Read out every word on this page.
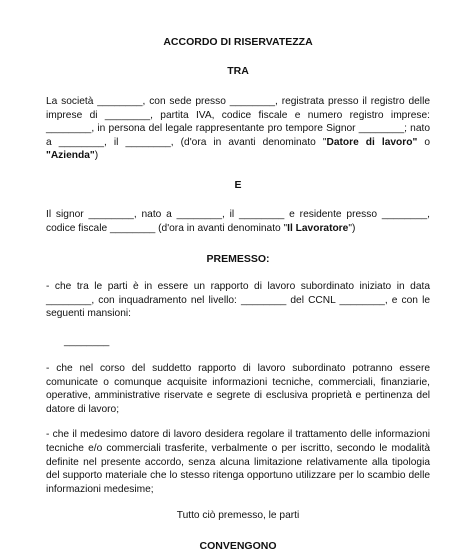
ACCORDO DI RISERVATEZZA

TRA

La società ________, con sede presso ________, registrata presso il registro delle imprese di ________, partita IVA, codice fiscale e numero registro imprese: ________, in persona del legale rappresentante pro tempore Signor ________; nato a ________, il ________, (d'ora in avanti denominato "Datore di lavoro" o "Azienda")

E

Il signor ________, nato a ________, il ________ e residente presso ________, codice fiscale ________ (d'ora in avanti denominato "Il Lavoratore")

PREMESSO:

- che tra le parti è in essere un rapporto di lavoro subordinato iniziato in data ________, con inquadramento nel livello: ________ del CCNL ________, e con le seguenti mansioni:

________

- che nel corso del suddetto rapporto di lavoro subordinato potranno essere comunicate o comunque acquisite informazioni tecniche, commerciali, finanziarie, operative, amministrative riservate e segrete di esclusiva proprietà e pertinenza del datore di lavoro;

- che il medesimo datore di lavoro desidera regolare il trattamento delle informazioni tecniche e/o commerciali trasferite, verbalmente o per iscritto, secondo le modalità definite nel presente accordo, senza alcuna limitazione relativamente alla tipologia del supporto materiale che lo stesso ritenga opportuno utilizzare per lo scambio delle informazioni medesime;

Tutto ciò premesso, le parti

CONVENGONO
